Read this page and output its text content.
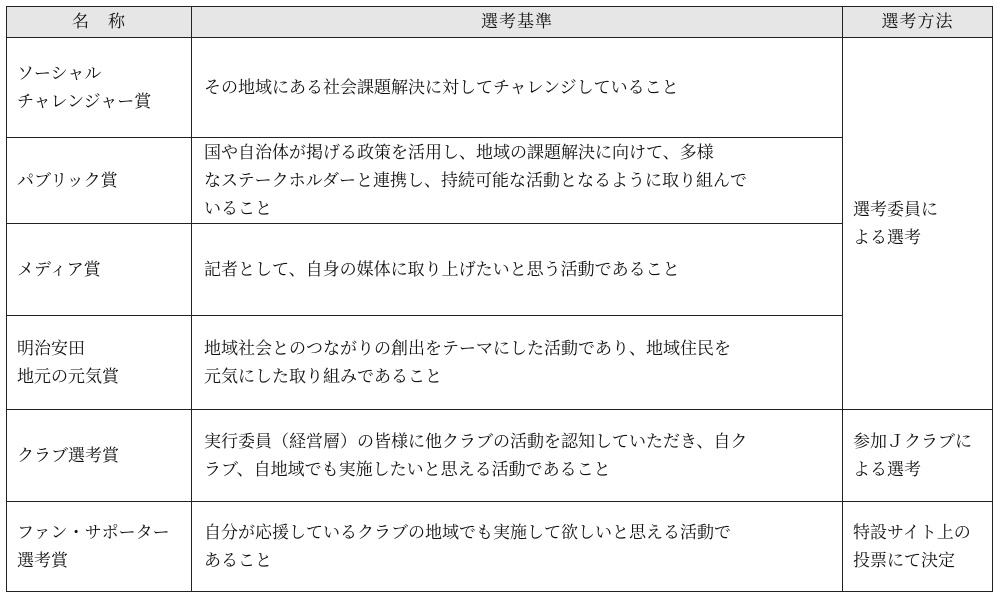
名　称	選考基準	選考方法

ソーシャル
チャレンジャー賞	その地域にある社会課題解決に対してチャレンジしていること	選考委員に
よる選考

パブリック賞	国や自治体が掲げる政策を活用し、地域の課題解決に向けて、多様
なステークホルダーと連携し、持続可能な活動となるように取り組んで
いること	

メディア賞	記者として、自身の媒体に取り上げたいと思う活動であること	

明治安田
地元の元気賞	地域社会とのつながりの創出をテーマにした活動であり、地域住民を
元気にした取り組みであること	

クラブ選考賞	実行委員（経営層）の皆様に他クラブの活動を認知していただき、自ク
ラブ、自地域でも実施したいと思える活動であること	参加Ｊクラブに
よる選考

ファン・サポーター
選考賞	自分が応援しているクラブの地域でも実施して欲しいと思える活動で
あること	特設サイト上の
投票にて決定
